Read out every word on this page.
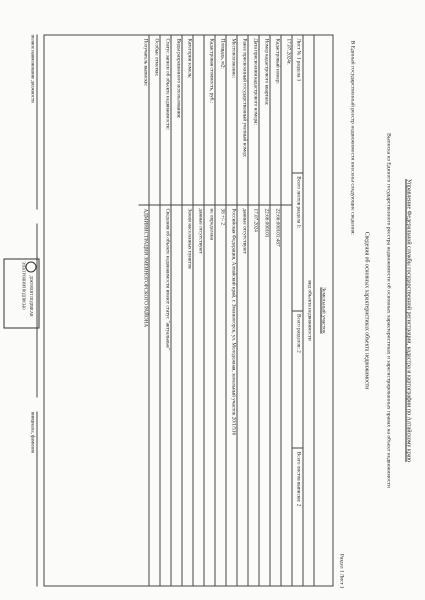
Управление Федеральной службы государственной регистрации, кадастра и картографии по Алтайскому краю
Выписка из Единого государственного реестра недвижимости об основных характеристиках и зарегистрированных правах на объект недвижимости
Сведения об основных характеристиках объекта недвижимости
В Единый государственный реестр недвижимости внесены следующие сведения:
Раздел 1 Лист 1
Земельный участок
вид объекта недвижимости
Лист № 1 раздела 1
Всего листов раздела 1:
Всего разделов: 2
Всего листов выписки: 2
17.07.2024г.
Кадастровый номер:
22:66:000101:487
Номер кадастрового квартала:
22:66:000101
Дата присвоения кадастрового номера:
17.07.2024
Ранее присвоенный государственный учетный номер:
данные отсутствуют
Местоположение:
Российская Федерация, Алтайский край, г. Змеиногорск, ул. Молодежная, земельный участок 20/1/516
Площадь, м2:
38 +/- 2
Кадастровая стоимость, руб.:
не определена
данные отсутствуют
Категория земель:
Земли населенных пунктов
Виды разрешенного использования:
Статус записи об объекте недвижимости:
Сведения об объекте недвижимости имеют статус "актуальные"
Особые отметки:
Получатель выписки:
АДМИНИСТРАЦИЯ ЗМЕИНОГОРСКОГО РАЙОНА
полное наименование должности
инициалы, фамилия
ДОКУМЕНТ ПОДПИСАН
ЭЛЕКТРОННОЙ ПОДПИСЬЮ
